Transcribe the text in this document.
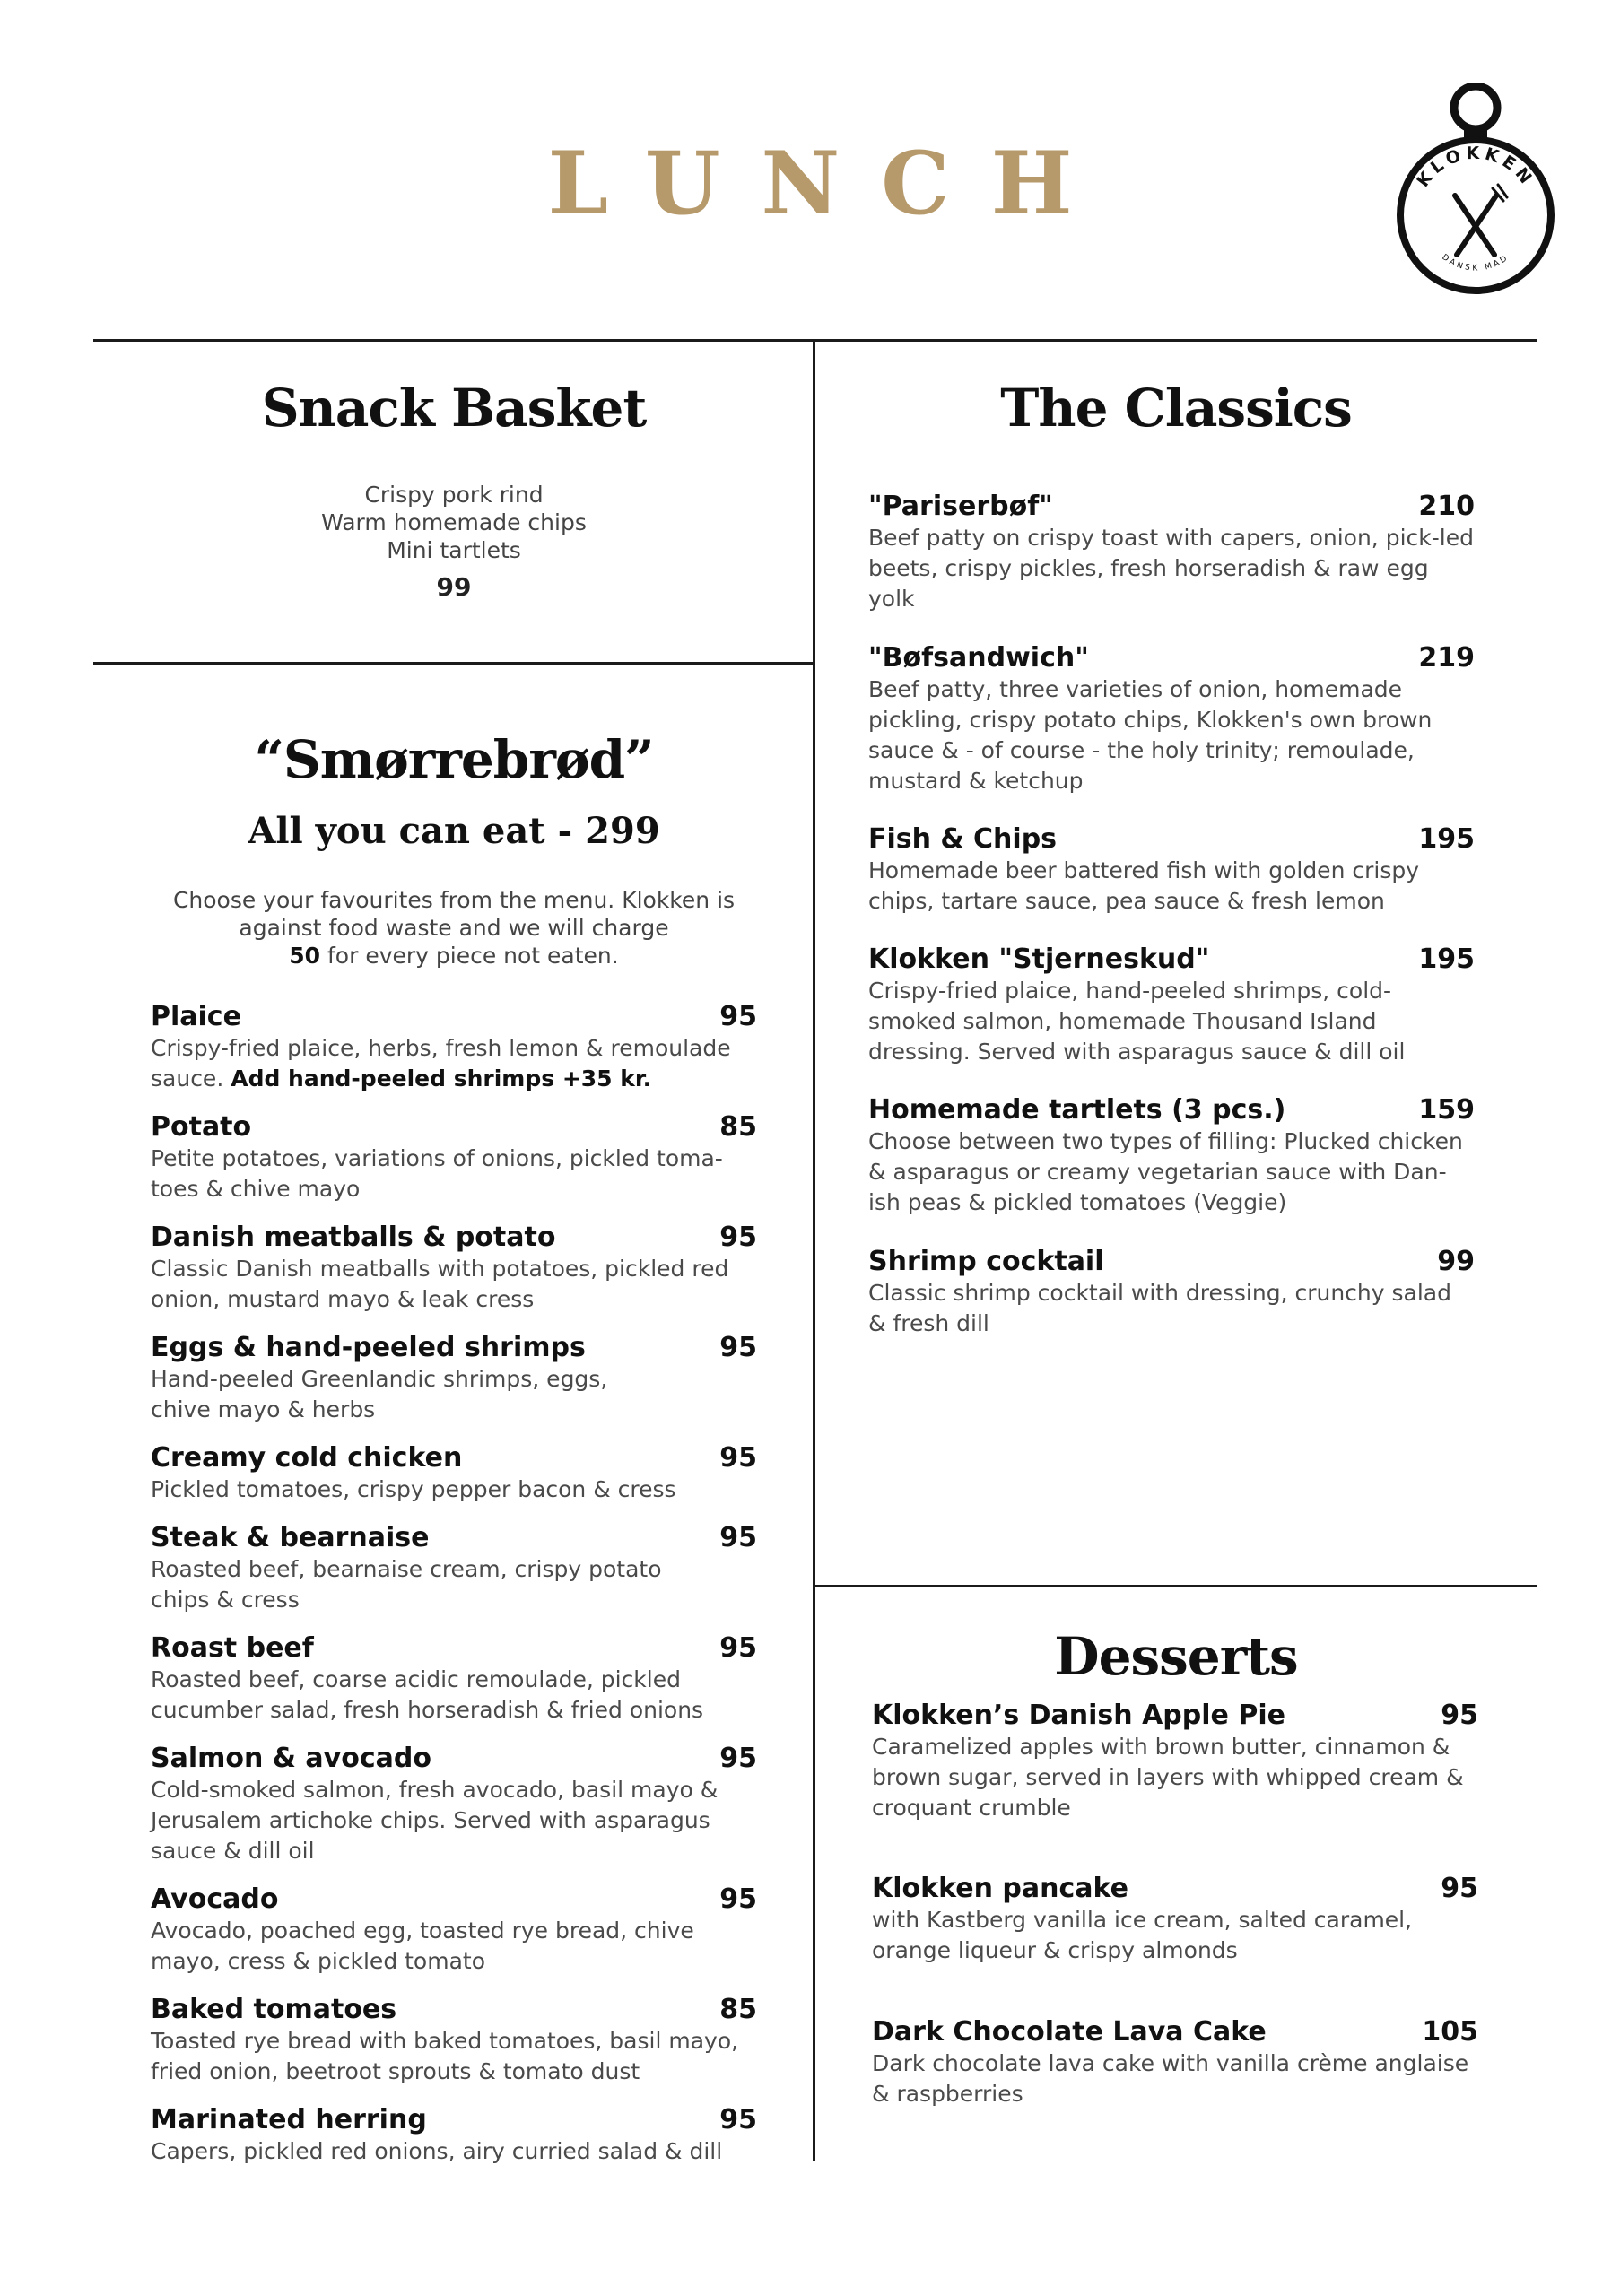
LUNCH	KLOKKEN
DANSK MAD
Snack Basket
Crispy pork rind
Warm homemade chips
Mini tartlets
99
“Smørrebrød”
All you can eat - 299
Choose your favourites from the menu. Klokken is
against food waste and we will charge
50 for every piece not eaten.
Plaice	95
Crispy-fried plaice, herbs, fresh lemon & remoulade sauce. Add hand-peeled shrimps +35 kr.
Potato	85
Petite potatoes, variations of onions, pickled toma-toes & chive mayo
Danish meatballs & potato	95
Classic Danish meatballs with potatoes, pickled red onion, mustard mayo & leak cress
Eggs & hand-peeled shrimps	95
Hand-peeled Greenlandic shrimps, eggs, chive mayo & herbs
Creamy cold chicken	95
Pickled tomatoes, crispy pepper bacon & cress
Steak & bearnaise	95
Roasted beef, bearnaise cream, crispy potato chips & cress
Roast beef	95
Roasted beef, coarse acidic remoulade, pickled cucumber salad, fresh horseradish & fried onions
Salmon & avocado	95
Cold-smoked salmon, fresh avocado, basil mayo & Jerusalem artichoke chips. Served with asparagus sauce & dill oil
Avocado	95
Avocado, poached egg, toasted rye bread, chive mayo, cress & pickled tomato
Baked tomatoes	85
Toasted rye bread with baked tomatoes, basil mayo, fried onion, beetroot sprouts & tomato dust
Marinated herring	95
Capers, pickled red onions, airy curried salad & dill
The Classics
"Pariserbøf"	210
Beef patty on crispy toast with capers, onion, pick-led beets, crispy pickles, fresh horseradish & raw egg yolk
"Bøfsandwich"	219
Beef patty, three varieties of onion, homemade pickling, crispy potato chips, Klokken's own brown sauce & - of course - the holy trinity; remoulade, mustard & ketchup
Fish & Chips	195
Homemade beer battered fish with golden crispy chips, tartare sauce, pea sauce & fresh lemon
Klokken "Stjerneskud"	195
Crispy-fried plaice, hand-peeled shrimps, cold-smoked salmon, homemade Thousand Island dressing. Served with asparagus sauce & dill oil
Homemade tartlets (3 pcs.)	159
Choose between two types of filling: Plucked chicken & asparagus or creamy vegetarian sauce with Dan-ish peas & pickled tomatoes (Veggie)
Shrimp cocktail	99
Classic shrimp cocktail with dressing, crunchy salad & fresh dill
Desserts
Klokken’s Danish Apple Pie	95
Caramelized apples with brown butter, cinnamon & brown sugar, served in layers with whipped cream & croquant crumble
Klokken pancake	95
with Kastberg vanilla ice cream, salted caramel, orange liqueur & crispy almonds
Dark Chocolate Lava Cake	105
Dark chocolate lava cake with vanilla crème anglaise & raspberries
